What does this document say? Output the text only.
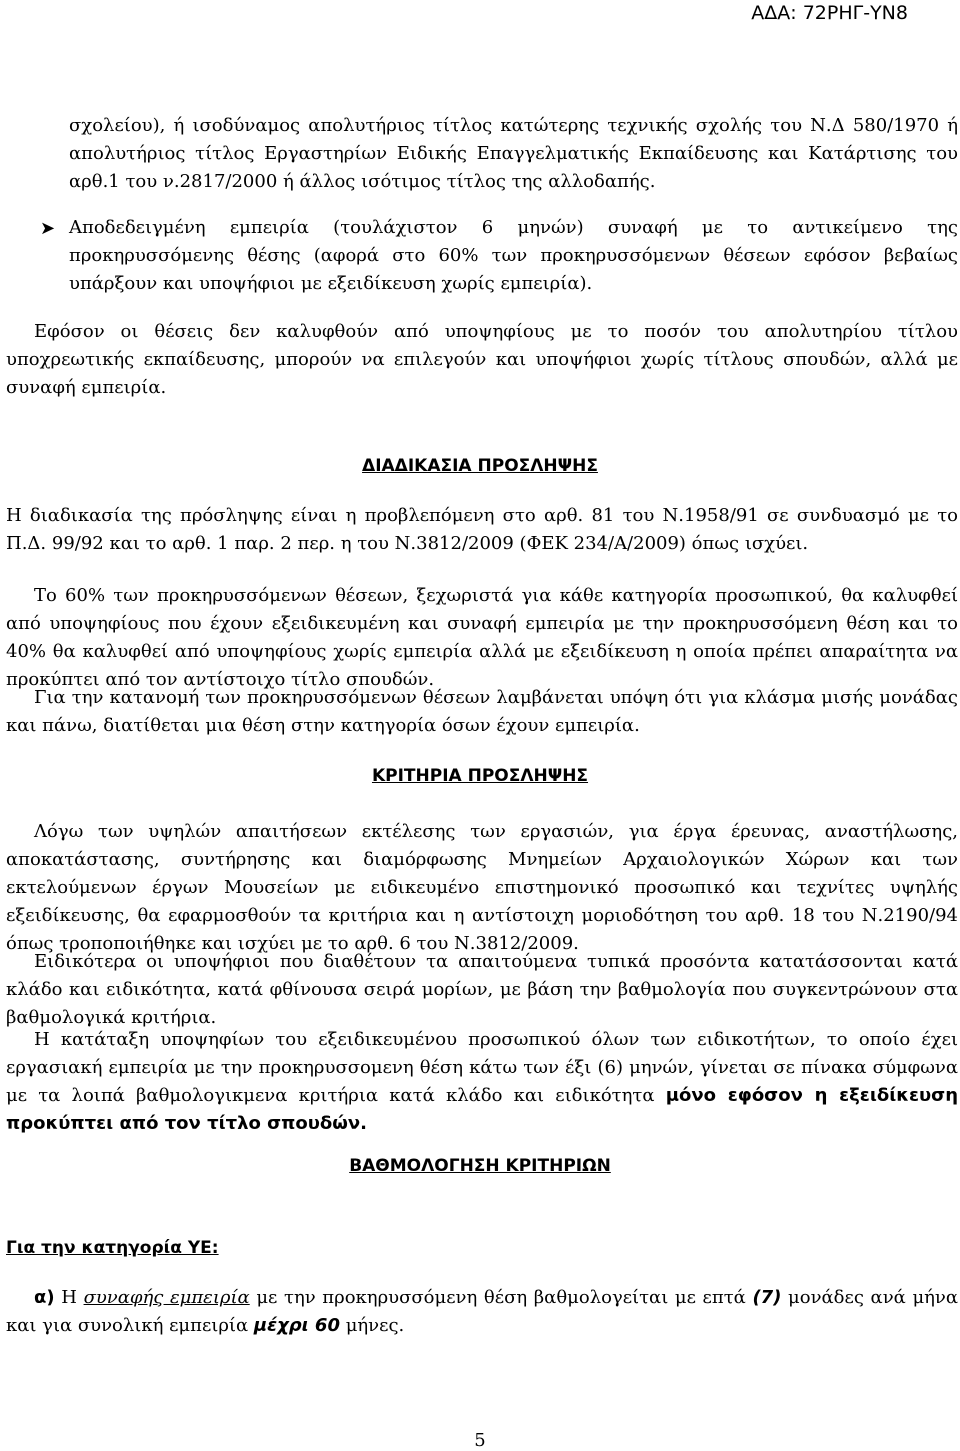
ΑΔΑ: 72ΡΗΓ-ΥΝ8

σχολείου), ή ισοδύναμος απολυτήριος τίτλος κατώτερης τεχνικής σχολής του Ν.Δ 580/1970 ή απολυτήριος τίτλος Εργαστηρίων Ειδικής Επαγγελματικής Εκπαίδευσης και Κατάρτισης του αρθ.1 του ν.2817/2000 ή άλλος ισότιμος τίτλος της αλλοδαπής.

➤ Αποδεδειγμένη εμπειρία (τουλάχιστον 6 μηνών) συναφή με το αντικείμενο της προκηρυσσόμενης θέσης (αφορά στο 60% των προκηρυσσόμενων θέσεων εφόσον βεβαίως υπάρξουν και υποψήφιοι με εξειδίκευση χωρίς εμπειρία).

Εφόσον οι θέσεις δεν καλυφθούν από υποψηφίους με το ποσόν του απολυτηρίου τίτλου υποχρεωτικής εκπαίδευσης, μπορούν να επιλεγούν και υποψήφιοι χωρίς τίτλους σπουδών, αλλά με συναφή εμπειρία.

ΔΙΑΔΙΚΑΣΙΑ ΠΡΟΣΛΗΨΗΣ

Η διαδικασία της πρόσληψης είναι η προβλεπόμενη στο αρθ. 81 του Ν.1958/91 σε συνδυασμό με το Π.Δ. 99/92 και το αρθ. 1 παρ. 2 περ. η του Ν.3812/2009 (ΦΕΚ 234/Α/2009) όπως ισχύει.

Το 60% των προκηρυσσόμενων θέσεων, ξεχωριστά για κάθε κατηγορία προσωπικού, θα καλυφθεί από υποψηφίους που έχουν εξειδικευμένη και συναφή εμπειρία με την προκηρυσσόμενη θέση και το 40% θα καλυφθεί από υποψηφίους χωρίς εμπειρία αλλά με εξειδίκευση η οποία πρέπει απαραίτητα να προκύπτει από τον αντίστοιχο τίτλο σπουδών.

Για την κατανομή των προκηρυσσόμενων θέσεων λαμβάνεται υπόψη ότι για κλάσμα μισής μονάδας και πάνω, διατίθεται μια θέση στην κατηγορία όσων έχουν εμπειρία.

ΚΡΙΤΗΡΙΑ ΠΡΟΣΛΗΨΗΣ

Λόγω των υψηλών απαιτήσεων εκτέλεσης των εργασιών, για έργα έρευνας, αναστήλωσης, αποκατάστασης, συντήρησης και διαμόρφωσης Μνημείων Αρχαιολογικών Χώρων και των εκτελούμενων έργων Μουσείων με ειδικευμένο επιστημονικό προσωπικό και τεχνίτες υψηλής εξειδίκευσης, θα εφαρμοσθούν τα κριτήρια και η αντίστοιχη μοριοδότηση του αρθ. 18 του Ν.2190/94 όπως τροποποιήθηκε και ισχύει με το αρθ. 6 του Ν.3812/2009.

Ειδικότερα οι υποψήφιοι που διαθέτουν τα απαιτούμενα τυπικά προσόντα κατατάσσονται κατά κλάδο και ειδικότητα, κατά φθίνουσα σειρά μορίων, με βάση την βαθμολογία που συγκεντρώνουν στα βαθμολογικά κριτήρια.

Η κατάταξη υποψηφίων του εξειδικευμένου προσωπικού όλων των ειδικοτήτων, το οποίο έχει εργασιακή εμπειρία με την προκηρυσσομενη θέση κάτω των έξι (6) μηνών, γίνεται σε πίνακα σύμφωνα με τα λοιπά βαθμολογικμενα κριτήρια κατά κλάδο και ειδικότητα μόνο εφόσον η εξειδίκευση προκύπτει από τον τίτλο σπουδών.

ΒΑΘΜΟΛΟΓΗΣΗ ΚΡΙΤΗΡΙΩΝ
Για την κατηγορία ΥΕ:

α) Η συναφής εμπειρία με την προκηρυσσόμενη θέση βαθμολογείται με επτά (7) μονάδες ανά μήνα και για συνολική εμπειρία μέχρι 60 μήνες.

5
